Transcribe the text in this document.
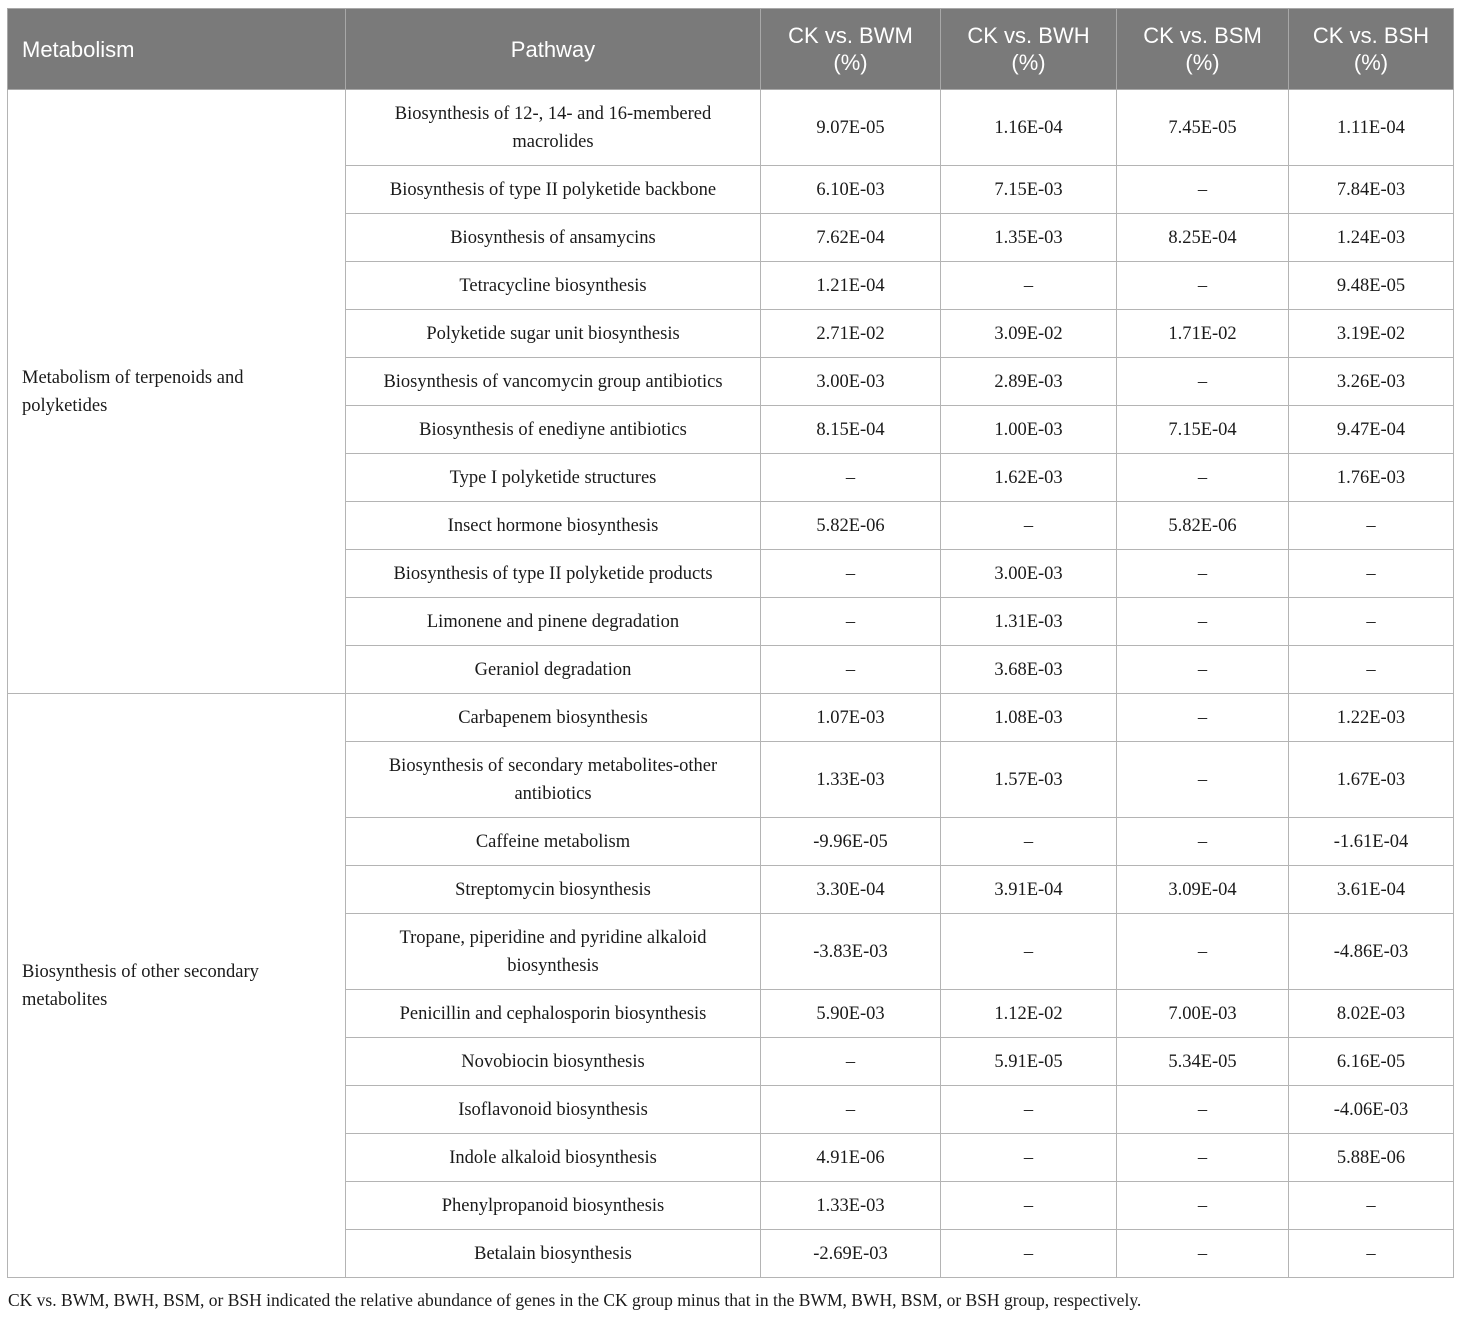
Metabolism	Pathway	CK vs. BWM
(%)	CK vs. BWH
(%)	CK vs. BSM
(%)	CK vs. BSH
(%)
Metabolism of terpenoids and
polyketides	Biosynthesis of 12-, 14- and 16-membered
macrolides	9.07E-05	1.16E-04	7.45E-05	1.11E-04
	Biosynthesis of type II polyketide backbone	6.10E-03	7.15E-03	–	7.84E-03
	Biosynthesis of ansamycins	7.62E-04	1.35E-03	8.25E-04	1.24E-03
	Tetracycline biosynthesis	1.21E-04	–	–	9.48E-05
	Polyketide sugar unit biosynthesis	2.71E-02	3.09E-02	1.71E-02	3.19E-02
	Biosynthesis of vancomycin group antibiotics	3.00E-03	2.89E-03	–	3.26E-03
	Biosynthesis of enediyne antibiotics	8.15E-04	1.00E-03	7.15E-04	9.47E-04
	Type I polyketide structures	–	1.62E-03	–	1.76E-03
	Insect hormone biosynthesis	5.82E-06	–	5.82E-06	–
	Biosynthesis of type II polyketide products	–	3.00E-03	–	–
	Limonene and pinene degradation	–	1.31E-03	–	–
	Geraniol degradation	–	3.68E-03	–	–
Biosynthesis of other secondary
metabolites	Carbapenem biosynthesis	1.07E-03	1.08E-03	–	1.22E-03
	Biosynthesis of secondary metabolites-other
antibiotics	1.33E-03	1.57E-03	–	1.67E-03
	Caffeine metabolism	-9.96E-05	–	–	-1.61E-04
	Streptomycin biosynthesis	3.30E-04	3.91E-04	3.09E-04	3.61E-04
	Tropane, piperidine and pyridine alkaloid
biosynthesis	-3.83E-03	–	–	-4.86E-03
	Penicillin and cephalosporin biosynthesis	5.90E-03	1.12E-02	7.00E-03	8.02E-03
	Novobiocin biosynthesis	–	5.91E-05	5.34E-05	6.16E-05
	Isoflavonoid biosynthesis	–	–	–	-4.06E-03
	Indole alkaloid biosynthesis	4.91E-06	–	–	5.88E-06
	Phenylpropanoid biosynthesis	1.33E-03	–	–	–
	Betalain biosynthesis	-2.69E-03	–	–	–
CK vs. BWM, BWH, BSM, or BSH indicated the relative abundance of genes in the CK group minus that in the BWM, BWH, BSM, or BSH group, respectively.
